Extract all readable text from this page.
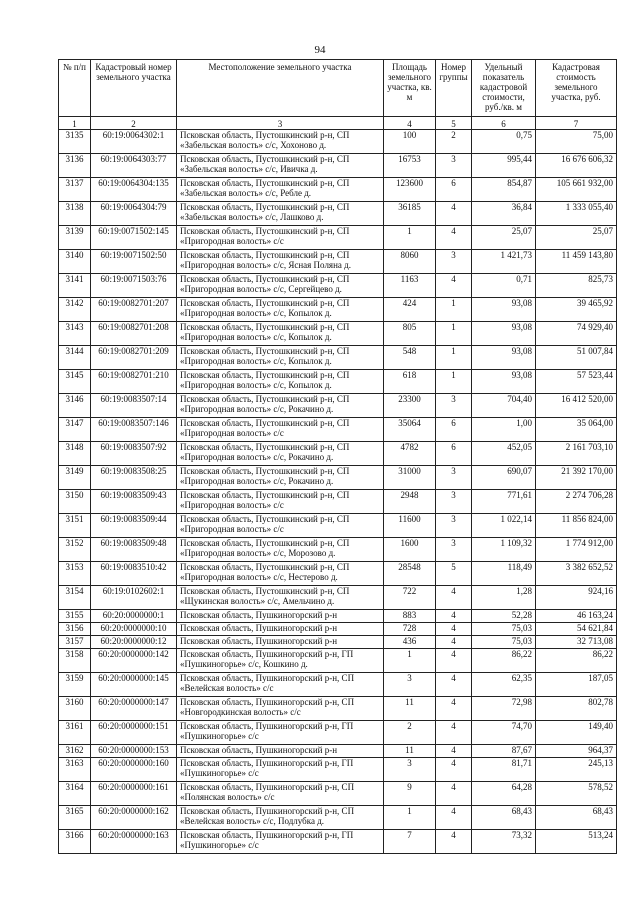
94
№ п/п	Кадастровый номер земельного участка	Местоположение земельного участка	Площадь земельного участка, кв. м	Номер группы	Удельный показатель кадастровой стоимости, руб./кв. м	Кадастровая стоимость земельного участка, руб.
1	2	3	4	5	6	7
3135	60:19:0064302:1	Псковская область, Пустошкинский р-н, СП «Забельская волость» с/с, Хохоново д.	100	2	0,75	75,00
3136	60:19:0064303:77	Псковская область, Пустошкинский р-н, СП «Забельская волость» с/с, Ивичка д.	16753	3	995,44	16 676 606,32
3137	60:19:0064304:135	Псковская область, Пустошкинский р-н, СП «Забельская волость» с/с, Ребле д.	123600	6	854,87	105 661 932,00
3138	60:19:0064304:79	Псковская область, Пустошкинский р-н, СП «Забельская волость» с/с, Лашково д.	36185	4	36,84	1 333 055,40
3139	60:19:0071502:145	Псковская область, Пустошкинский р-н, СП «Пригородная волость» с/с	1	4	25,07	25,07
3140	60:19:0071502:50	Псковская область, Пустошкинский р-н, СП «Пригородная волость» с/с, Ясная Поляна д.	8060	3	1 421,73	11 459 143,80
3141	60:19:0071503:76	Псковская область, Пустошкинский р-н, СП «Пригородная волость» с/с, Сергейцево д.	1163	4	0,71	825,73
3142	60:19:0082701:207	Псковская область, Пустошкинский р-н, СП «Пригородная волость» с/с, Копылок д.	424	1	93,08	39 465,92
3143	60:19:0082701:208	Псковская область, Пустошкинский р-н, СП «Пригородная волость» с/с, Копылок д.	805	1	93,08	74 929,40
3144	60:19:0082701:209	Псковская область, Пустошкинский р-н, СП «Пригородная волость» с/с, Копылок д.	548	1	93,08	51 007,84
3145	60:19:0082701:210	Псковская область, Пустошкинский р-н, СП «Пригородная волость» с/с, Копылок д.	618	1	93,08	57 523,44
3146	60:19:0083507:14	Псковская область, Пустошкинский р-н, СП «Пригородная волость» с/с, Рокачино д.	23300	3	704,40	16 412 520,00
3147	60:19:0083507:146	Псковская область, Пустошкинский р-н, СП «Пригородная волость» с/с	35064	6	1,00	35 064,00
3148	60:19:0083507:92	Псковская область, Пустошкинский р-н, СП «Пригородная волость» с/с, Рокачино д.	4782	6	452,05	2 161 703,10
3149	60:19:0083508:25	Псковская область, Пустошкинский р-н, СП «Пригородная волость» с/с, Рокачино д.	31000	3	690,07	21 392 170,00
3150	60:19:0083509:43	Псковская область, Пустошкинский р-н, СП «Пригородная волость» с/с	2948	3	771,61	2 274 706,28
3151	60:19:0083509:44	Псковская область, Пустошкинский р-н, СП «Пригородная волость» с/с	11600	3	1 022,14	11 856 824,00
3152	60:19:0083509:48	Псковская область, Пустошкинский р-н, СП «Пригородная волость» с/с, Морозово д.	1600	3	1 109,32	1 774 912,00
3153	60:19:0083510:42	Псковская область, Пустошкинский р-н, СП «Пригородная волость» с/с, Нестерово д.	28548	5	118,49	3 382 652,52
3154	60:19:0102602:1	Псковская область, Пустошкинский р-н, СП «Щукинская волость» с/с, Амельчино д.	722	4	1,28	924,16
3155	60:20:0000000:1	Псковская область, Пушкиногорский р-н	883	4	52,28	46 163,24
3156	60:20:0000000:10	Псковская область, Пушкиногорский р-н	728	4	75,03	54 621,84
3157	60:20:0000000:12	Псковская область, Пушкиногорский р-н	436	4	75,03	32 713,08
3158	60:20:0000000:142	Псковская область, Пушкиногорский р-н, ГП «Пушкиногорье» с/с, Кошкино д.	1	4	86,22	86,22
3159	60:20:0000000:145	Псковская область, Пушкиногорский р-н, СП «Велейская волость» с/с	3	4	62,35	187,05
3160	60:20:0000000:147	Псковская область, Пушкиногорский р-н, СП «Новгородкинская волость» с/с	11	4	72,98	802,78
3161	60:20:0000000:151	Псковская область, Пушкиногорский р-н, ГП «Пушкиногорье» с/с	2	4	74,70	149,40
3162	60:20:0000000:153	Псковская область, Пушкиногорский р-н	11	4	87,67	964,37
3163	60:20:0000000:160	Псковская область, Пушкиногорский р-н, ГП «Пушкиногорье» с/с	3	4	81,71	245,13
3164	60:20:0000000:161	Псковская область, Пушкиногорский р-н, СП «Полянская волость» с/с	9	4	64,28	578,52
3165	60:20:0000000:162	Псковская область, Пушкиногорский р-н, СП «Велейская волость» с/с, Подлубка д.	1	4	68,43	68,43
3166	60:20:0000000:163	Псковская область, Пушкиногорский р-н, ГП «Пушкиногорье» с/с	7	4	73,32	513,24
